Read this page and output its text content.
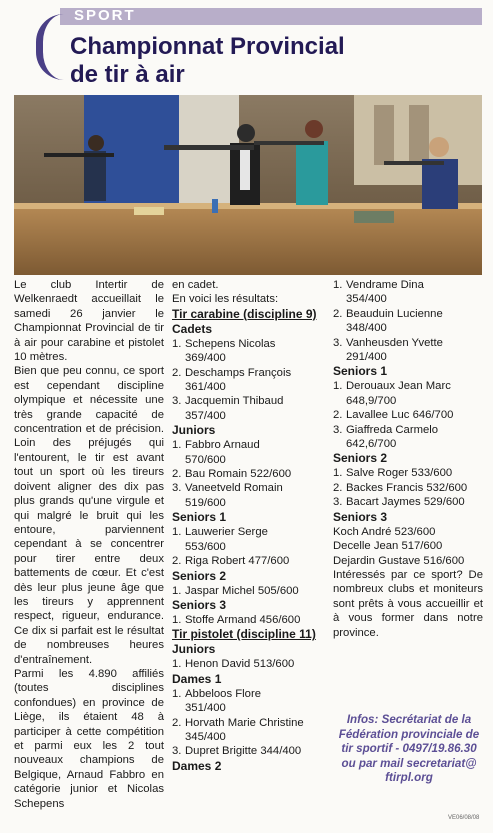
SPORT
Championnat Provincial
de tir à air

Le club Intertir de Welkenraedt accueillait le samedi 26 janvier le Championnat Provincial de tir à air pour carabine et pistolet 10 mètres.

Bien que peu connu, ce sport est cependant discipline olympique et nécessite une très grande capacité de concentration et de précision. Loin des préjugés qui l'entourent, le tir est avant tout un sport où les tireurs doivent aligner des dix pas plus grands qu'une virgule et qui malgré le bruit qui les entoure, parviennent cependant à se concentrer pour tirer entre deux battements de cœur. Et c'est dès leur plus jeune âge que les tireurs y apprennent respect, rigueur, endurance. Ce dix si parfait est le résultat de nombreuses heures d'entraînement.

Parmi les 4.890 affiliés (toutes disciplines confondues) en province de Liège, ils étaient 48 à participer à cette compétition et parmi eux les 2 tout nouveaux champions de Belgique, Arnaud Fabbro en catégorie junior et Nicolas Schepens

en cadet.

En voici les résultats:

Tir carabine (discipline 9)

Cadets

1. Schepens Nicolas
369/400
2. Deschamps François
361/400
3. Jacquemin Thibaud
357/400

Juniors

1. Fabbro Arnaud
570/600
2. Bau Romain 522/600
3. Vaneetveld Romain
519/600

Seniors 1

1. Lauwerier Serge
553/600
2. Riga Robert 477/600

Seniors 2

1. Jaspar Michel 505/600

Seniors 3

1. Stoffe Armand 456/600

Tir pistolet (discipline 11)

Juniors

1. Henon David 513/600

Dames 1

1. Abbeloos Flore
351/400
2. Horvath Marie Christine
345/400
3. Dupret Brigitte 344/400

Dames 2

1. Vendrame Dina
354/400
2. Beauduin Lucienne
348/400
3. Vanheusden Yvette
291/400

Seniors 1

1. Derouaux Jean Marc
648,9/700
2. Lavallee Luc 646/700
3. Giaffreda Carmelo
642,6/700

Seniors 2

1. Salve Roger 533/600
2. Backes Francis 532/600
3. Bacart Jaymes 529/600

Seniors 3

Koch André 523/600

Decelle Jean 517/600

Dejardin Gustave 516/600

Intéressés par ce sport? De nombreux clubs et moniteurs sont prêts à vous accueillir et à vous former dans notre province.

Infos: Secrétariat de la Fédération provinciale de tir sportif - 0497/19.86.30 ou par mail secretariat@ ftirpl.org

VE06/08/08
